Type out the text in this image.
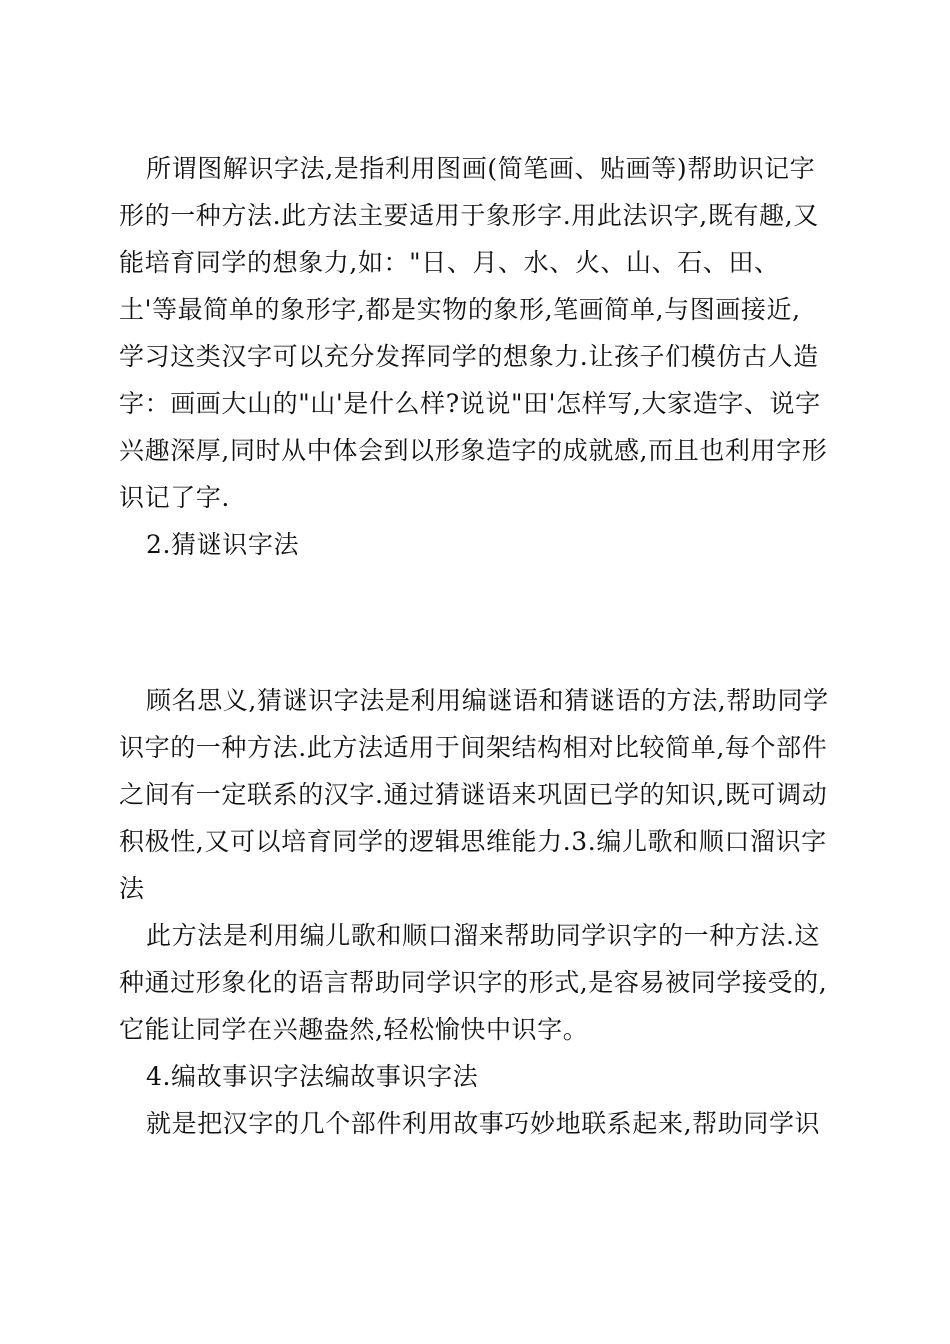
所谓图解识字法,是指利用图画(简笔画、贴画等)帮助识记字
形的一种方法.此方法主要适用于象形字.用此法识字,既有趣,又
能培育同学的想象力,如："日、月、水、火、山、石、田、
土'等最简单的象形字,都是实物的象形,笔画简单,与图画接近,
学习这类汉字可以充分发挥同学的想象力.让孩子们模仿古人造
字：画画大山的"山'是什么样?说说"田'怎样写,大家造字、说字
兴趣深厚,同时从中体会到以形象造字的成就感,而且也利用字形
识记了字.
2.猜谜识字法
顾名思义,猜谜识字法是利用编谜语和猜谜语的方法,帮助同学
识字的一种方法.此方法适用于间架结构相对比较简单,每个部件
之间有一定联系的汉字.通过猜谜语来巩固已学的知识,既可调动
积极性,又可以培育同学的逻辑思维能力.3.编儿歌和顺口溜识字
法
此方法是利用编儿歌和顺口溜来帮助同学识字的一种方法.这
种通过形象化的语言帮助同学识字的形式,是容易被同学接受的,
它能让同学在兴趣盎然,轻松愉快中识字。
4.编故事识字法编故事识字法
就是把汉字的几个部件利用故事巧妙地联系起来,帮助同学识
